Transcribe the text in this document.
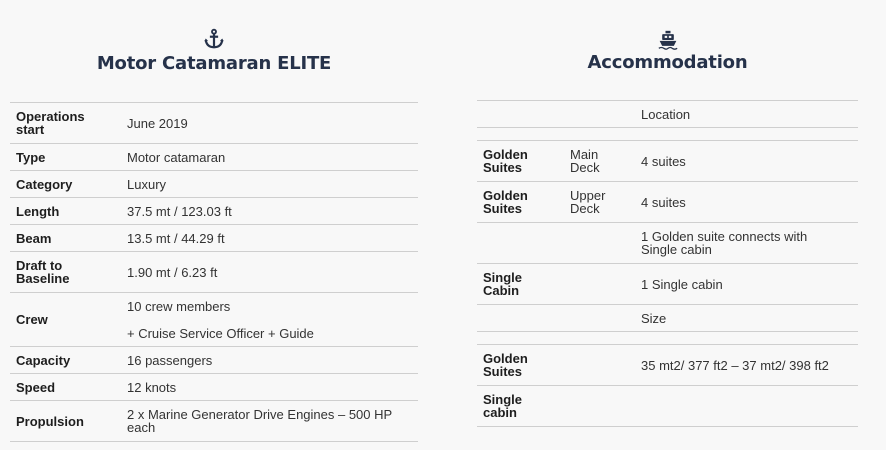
Motor Catamaran ELITE
Operations start	June 2019
Type	Motor catamaran
Category	Luxury
Length	37.5 mt / 123.03 ft
Beam	13.5 mt / 44.29 ft
Draft to Baseline	1.90 mt / 6.23 ft
Crew	10 crew members
+ Cruise Service Officer + Guide

Capacity	16 passengers
Speed	12 knots
Propulsion	2 x Marine Generator Drive Engines – 500 HP each
Accommodation
		Location

Golden Suites	Main Deck	4 suites
Golden Suites	Upper Deck	4 suites
		1 Golden suite connects with Single cabin
Single Cabin		1 Single cabin
		Size

Golden Suites		35 mt2/ 377 ft2 – 37 mt2/ 398 ft2
Single cabin		
